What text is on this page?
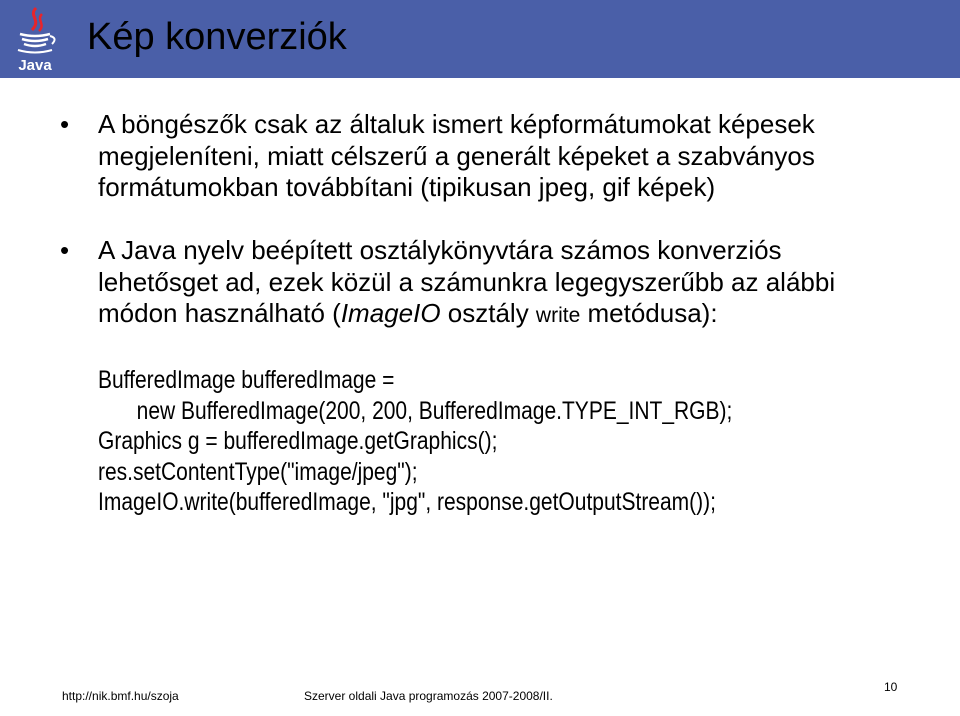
Java
Kép konverziók
• A böngészők csak az általuk ismert képformátumokat képesek megjeleníteni, miatt célszerű a generált képeket a szabványos formátumokban továbbítani (tipikusan jpeg, gif képek)
• A Java nyelv beépített osztálykönyvtára számos konverziós lehetősget ad, ezek közül a számunkra legegyszerűbb az alábbi módon használható (ImageIO osztály write metódusa):
BufferedImage bufferedImage =
new BufferedImage(200, 200, BufferedImage.TYPE_INT_RGB);
Graphics g = bufferedImage.getGraphics();
res.setContentType("image/jpeg");
ImageIO.write(bufferedImage, "jpg", response.getOutputStream());
http://nik.bmf.hu/szoja	Szerver oldali Java programozás 2007-2008/II.
10
